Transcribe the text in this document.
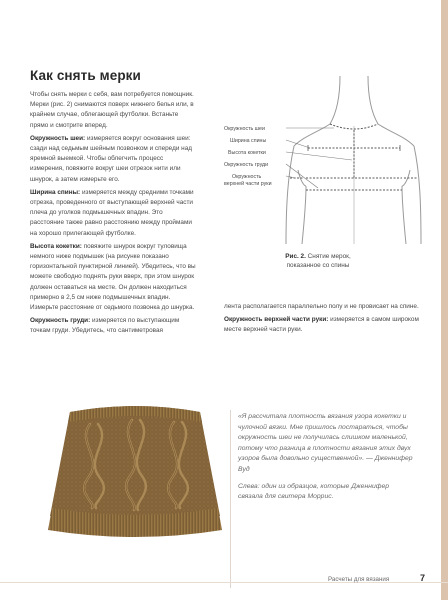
Как снять мерки

Чтобы снять мерки с себя, вам потребуется помощник. Мерки (рис. 2) снимаются поверх нижнего белья или, в крайнем случае, облегающей футболки. Встаньте прямо и смотрите вперед.

Окружность шеи: измеряется вокруг основания шеи: сзади над седьмым шейным позвонком и спереди над яремной выемкой. Чтобы облегчить процесс измерения, повяжите вокруг шеи отрезок нити или шнурок, а затем измерьте его.

Ширина спины: измеряется между средними точками отрезка, проведенного от выступающей верхней части плеча до уголков подмышечных впадин. Это расстояние также равно расстоянию между проймами на хорошо прилегающей футболке.

Высота кокетки: повяжите шнурок вокруг туловища немного ниже подмышек (на рисунке показано горизонтальной пунктирной линией). Убедитесь, что вы можете свободно поднять руки вверх, при этом шнурок должен оставаться на месте. Он должен находиться примерно в 2,5 см ниже подмышечных впадин. Измерьте расстояние от седьмого позвонка до шнурка.

Окружность груди: измеряется по выступающим точкам груди. Убедитесь, что сантиметровая

Окружность шеи
Ширина спины
Высота кокетки
Окружность груди
Окружность
верхней части руки
Рис. 2. Снятие мерок, показанное со спины

лента располагается параллельно полу и не провисает на спине.

Окружность верхней части руки: измеряется в самом широком месте верхней части руки.

«Я рассчитала плотность вязания узора кокетки и чулочной вязки. Мне пришлось постараться, чтобы окружность шеи не получилась слишком маленькой, потому что разница в плотности вязания этих двух узоров была довольно существенной». — Дженнифер Вуд

Слева: один из образцов, которые Дженнифер связала для свитера Моррис.

Расчеты для вязания	7
